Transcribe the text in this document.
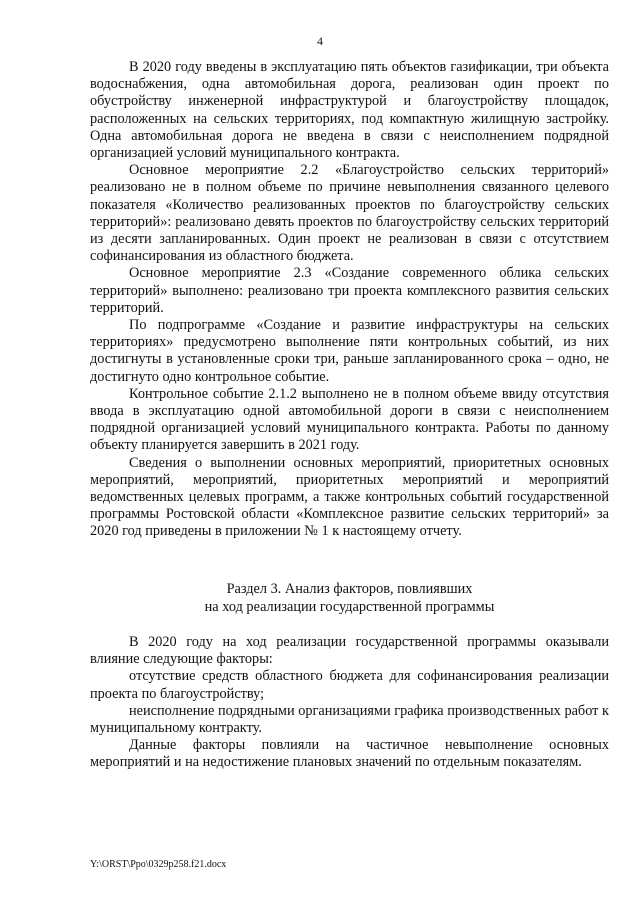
4

В 2020 году введены в эксплуатацию пять объектов газификации, три объекта водоснабжения, одна автомобильная дорога, реализован один проект по обустройству инженерной инфраструктурой и благоустройству площадок, расположенных на сельских территориях, под компактную жилищную застройку. Одна автомобильная дорога не введена в связи с неисполнением подрядной организацией условий муниципального контракта.

Основное мероприятие 2.2 «Благоустройство сельских территорий» реализовано не в полном объеме по причине невыполнения связанного целевого показателя «Количество реализованных проектов по благоустройству сельских территорий»: реализовано девять проектов по благоустройству сельских территорий из десяти запланированных. Один проект не реализован в связи с отсутствием софинансирования из областного бюджета.

Основное мероприятие 2.3 «Создание современного облика сельских территорий» выполнено: реализовано три проекта комплексного развития сельских территорий.

По подпрограмме «Создание и развитие инфраструктуры на сельских территориях» предусмотрено выполнение пяти контрольных событий, из них достигнуты в установленные сроки три, раньше запланированного срока – одно, не достигнуто одно контрольное событие.

Контрольное событие 2.1.2 выполнено не в полном объеме ввиду отсутствия ввода в эксплуатацию одной автомобильной дороги в связи с неисполнением подрядной организацией условий муниципального контракта. Работы по данному объекту планируется завершить в 2021 году.

Сведения о выполнении основных мероприятий, приоритетных основных мероприятий, мероприятий, приоритетных мероприятий и мероприятий ведомственных целевых программ, а также контрольных событий государственной программы Ростовской области «Комплексное развитие сельских территорий» за 2020 год приведены в приложении № 1 к настоящему отчету.

Раздел 3. Анализ факторов, повлиявших
на ход реализации государственной программы

В 2020 году на ход реализации государственной программы оказывали влияние следующие факторы:

отсутствие средств областного бюджета для софинансирования реализации проекта по благоустройству;

неисполнение подрядными организациями графика производственных работ к муниципальному контракту.

Данные факторы повлияли на частичное невыполнение основных мероприятий и на недостижение плановых значений по отдельным показателям.

Y:\ORST\Ppo\0329p258.f21.docx
